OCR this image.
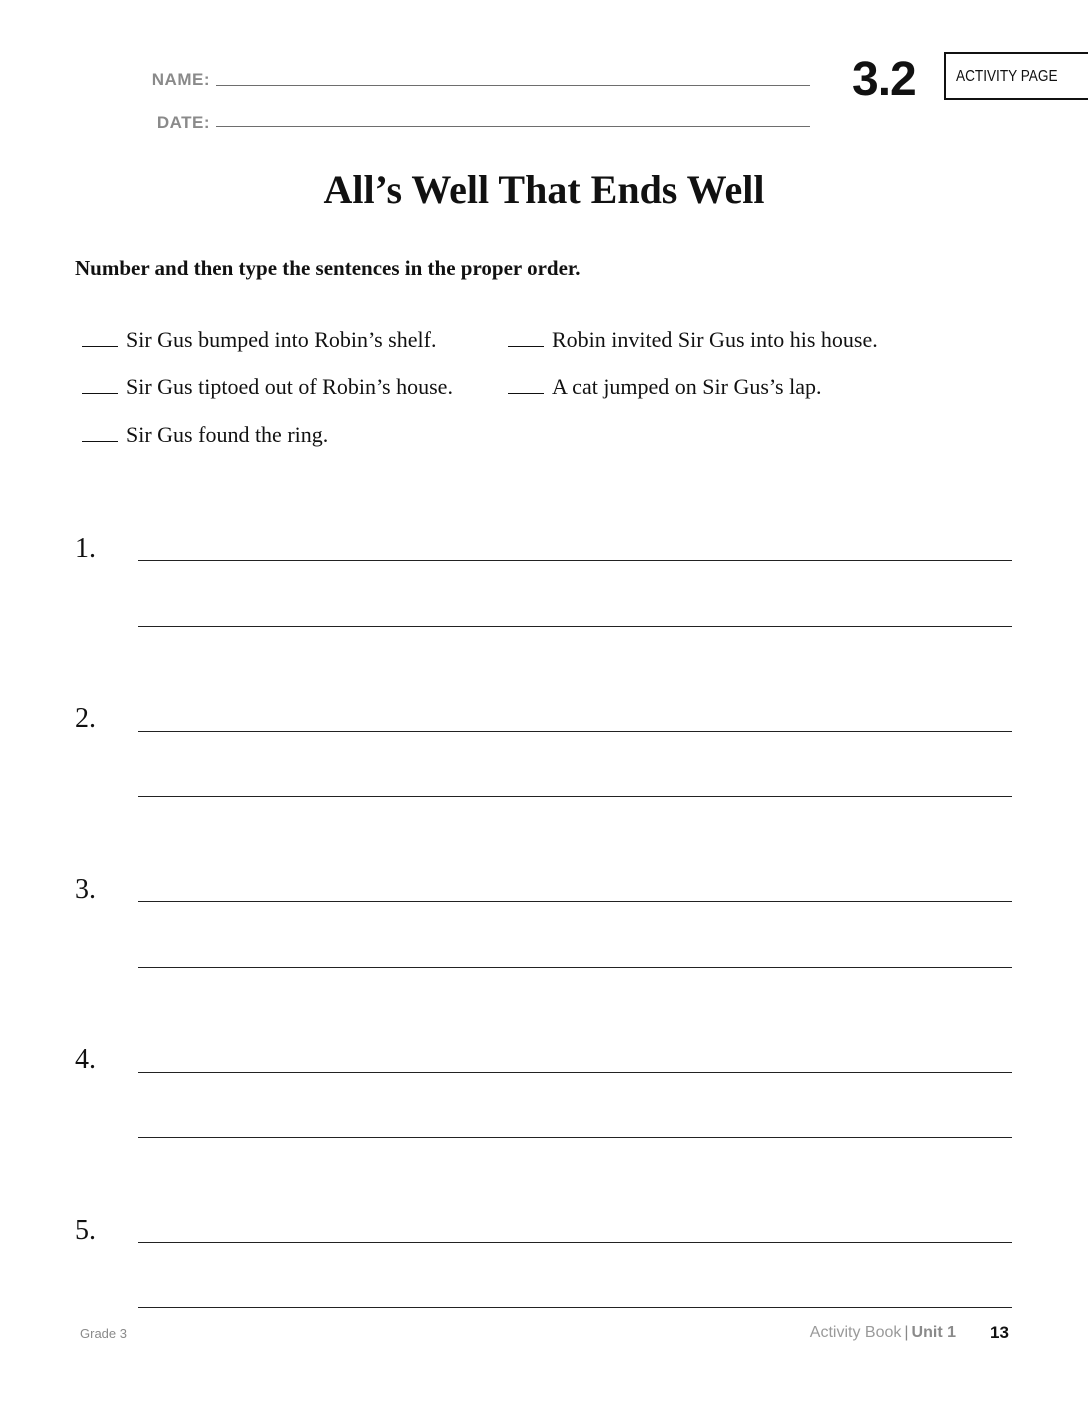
NAME:
DATE:
3.2	ACTIVITY PAGE
All’s Well That Ends Well
Number and then type the sentences in the proper order.
Sir Gus bumped into Robin’s shelf.	Robin invited Sir Gus into his house.
Sir Gus tiptoed out of Robin’s house.	A cat jumped on Sir Gus’s lap.
Sir Gus found the ring.
1.
2.
3.
4.
5.
Grade 3	Activity Book | Unit 1 13
